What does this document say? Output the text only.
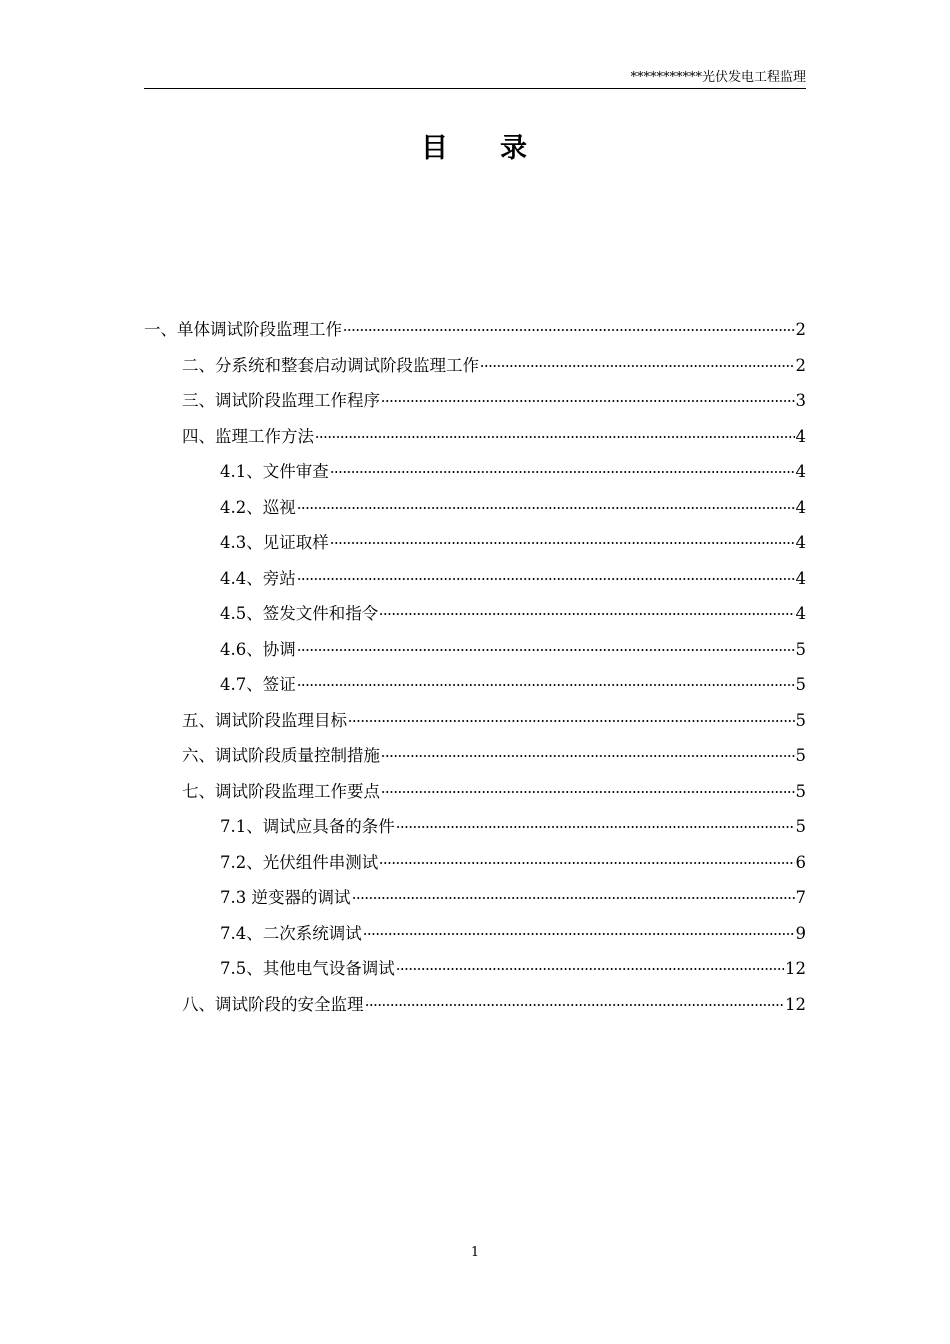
***********光伏发电工程监理
目 录
一、单体调试阶段监理工作	2
二、分系统和整套启动调试阶段监理工作	2
三、调试阶段监理工作程序	3
四、监理工作方法	4
4.1、文件审查	4
4.2、巡视	4
4.3、见证取样	4
4.4、旁站	4
4.5、签发文件和指令	4
4.6、协调	5
4.7、签证	5
五、调试阶段监理目标	5
六、调试阶段质量控制措施	5
七、调试阶段监理工作要点	5
7.1、调试应具备的条件	5
7.2、光伏组件串测试	6
7.3 逆变器的调试	7
7.4、二次系统调试	9
7.5、其他电气设备调试	12
八、调试阶段的安全监理	12
1
